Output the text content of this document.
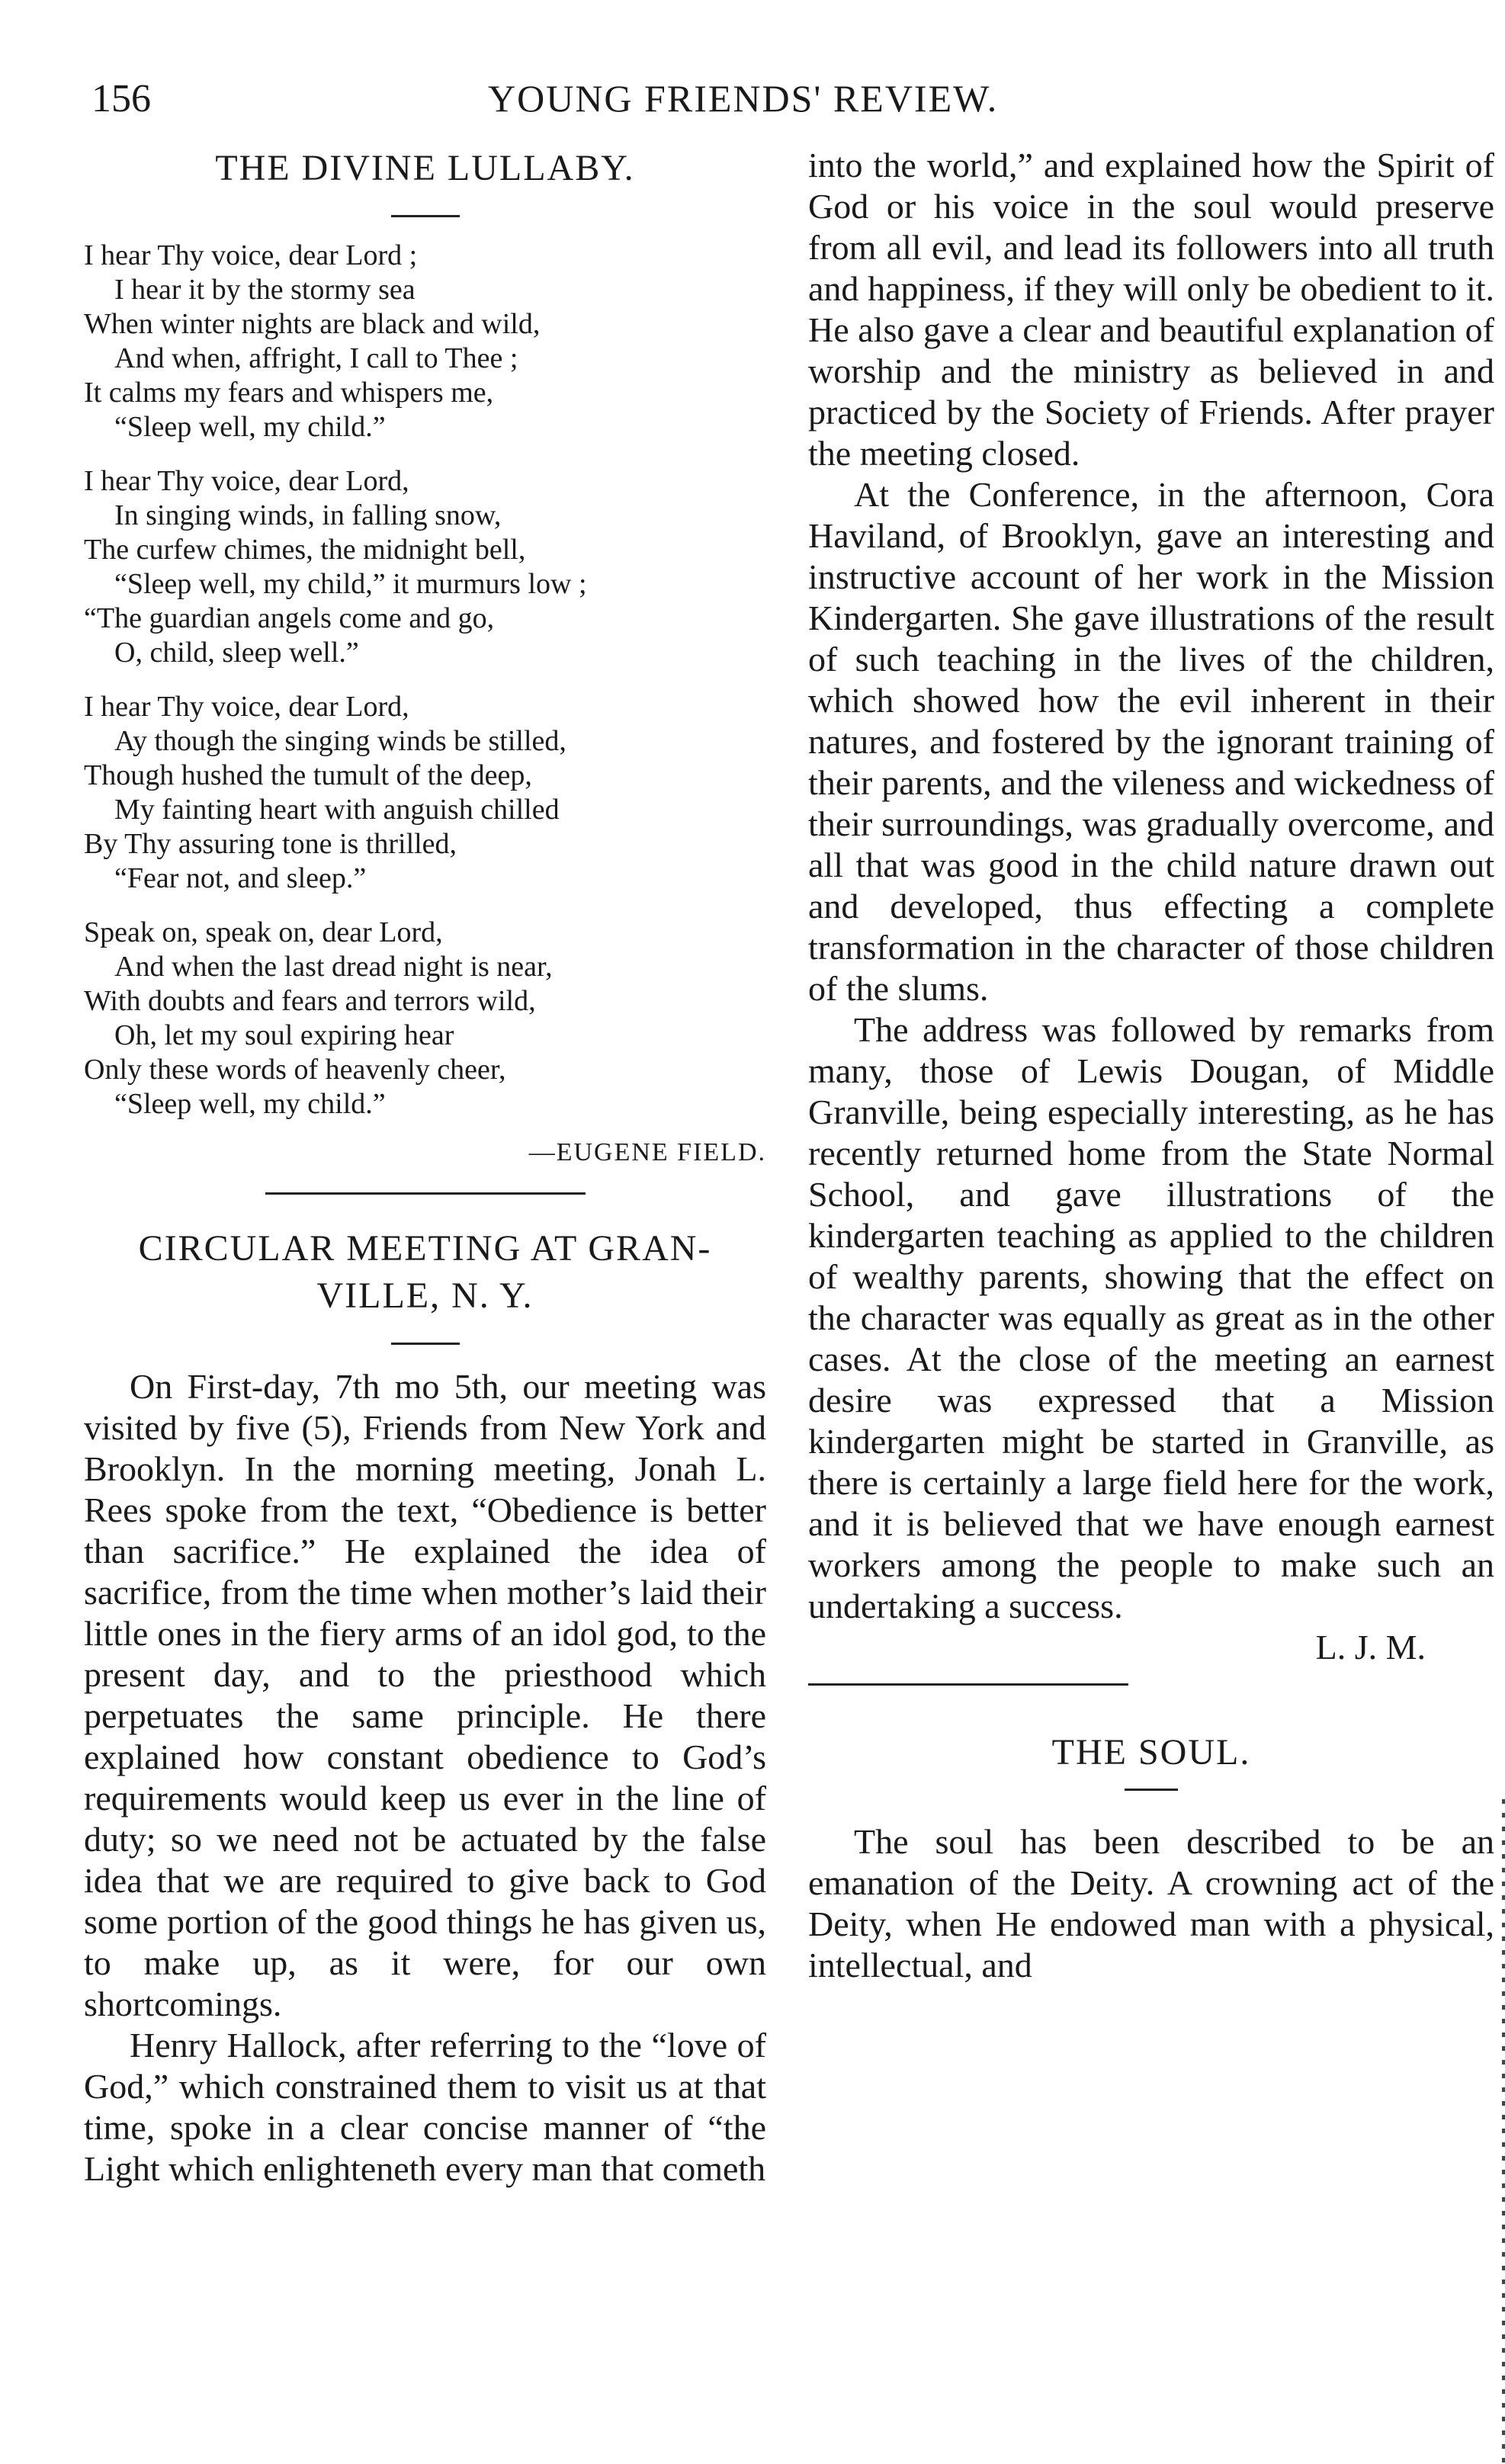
156	YOUNG FRIENDS' REVIEW.
THE DIVINE LULLABY.
I hear Thy voice, dear Lord ;
I hear it by the stormy sea
When winter nights are black and wild,
And when, affright, I call to Thee ;
It calms my fears and whispers me,
“Sleep well, my child.”
I hear Thy voice, dear Lord,
In singing winds, in falling snow,
The curfew chimes, the midnight bell,
“Sleep well, my child,” it murmurs low ;
“The guardian angels come and go,
O, child, sleep well.”
I hear Thy voice, dear Lord,
Ay though the singing winds be stilled,
Though hushed the tumult of the deep,
My fainting heart with anguish chilled
By Thy assuring tone is thrilled,
“Fear not, and sleep.”
Speak on, speak on, dear Lord,
And when the last dread night is near,
With doubts and fears and terrors wild,
Oh, let my soul expiring hear
Only these words of heavenly cheer,
“Sleep well, my child.”
—EUGENE FIELD.
CIRCULAR MEETING AT GRAN-
VILLE, N. Y.

On First-day, 7th mo 5th, our meeting was visited by five (5), Friends from New York and Brooklyn. In the morning meeting, Jonah L. Rees spoke from the text, “Obedience is better than sacrifice.” He explained the idea of sacrifice, from the time when mother’s laid their little ones in the fiery arms of an idol god, to the present day, and to the priesthood which perpetuates the same principle. He there explained how constant obedience to God’s requirements would keep us ever in the line of duty; so we need not be actuated by the false idea that we are required to give back to God some portion of the good things he has given us, to make up, as it were, for our own shortcomings.

Henry Hallock, after referring to the “love of God,” which constrained them to visit us at that time, spoke in a clear concise manner of “the Light which enlighteneth every man that cometh

into the world,” and explained how the Spirit of God or his voice in the soul would preserve from all evil, and lead its followers into all truth and happiness, if they will only be obedient to it. He also gave a clear and beautiful explanation of worship and the ministry as believed in and practiced by the Society of Friends. After prayer the meeting closed.

At the Conference, in the afternoon, Cora Haviland, of Brooklyn, gave an interesting and instructive account of her work in the Mission Kindergarten. She gave illustrations of the result of such teaching in the lives of the children, which showed how the evil inherent in their natures, and fostered by the ignorant training of their parents, and the vileness and wickedness of their surroundings, was gradually overcome, and all that was good in the child nature drawn out and developed, thus effecting a complete transformation in the character of those children of the slums.

The address was followed by remarks from many, those of Lewis Dougan, of Middle Granville, being especially interesting, as he has recently returned home from the State Normal School, and gave illustrations of the kindergarten teaching as applied to the children of wealthy parents, showing that the effect on the character was equally as great as in the other cases. At the close of the meeting an earnest desire was expressed that a Mission kindergarten might be started in Granville, as there is certainly a large field here for the work, and it is believed that we have enough earnest workers among the people to make such an undertaking a success.

L. J. M.
THE SOUL.

The soul has been described to be an emanation of the Deity. A crowning act of the Deity, when He endowed man with a physical, intellectual, and
